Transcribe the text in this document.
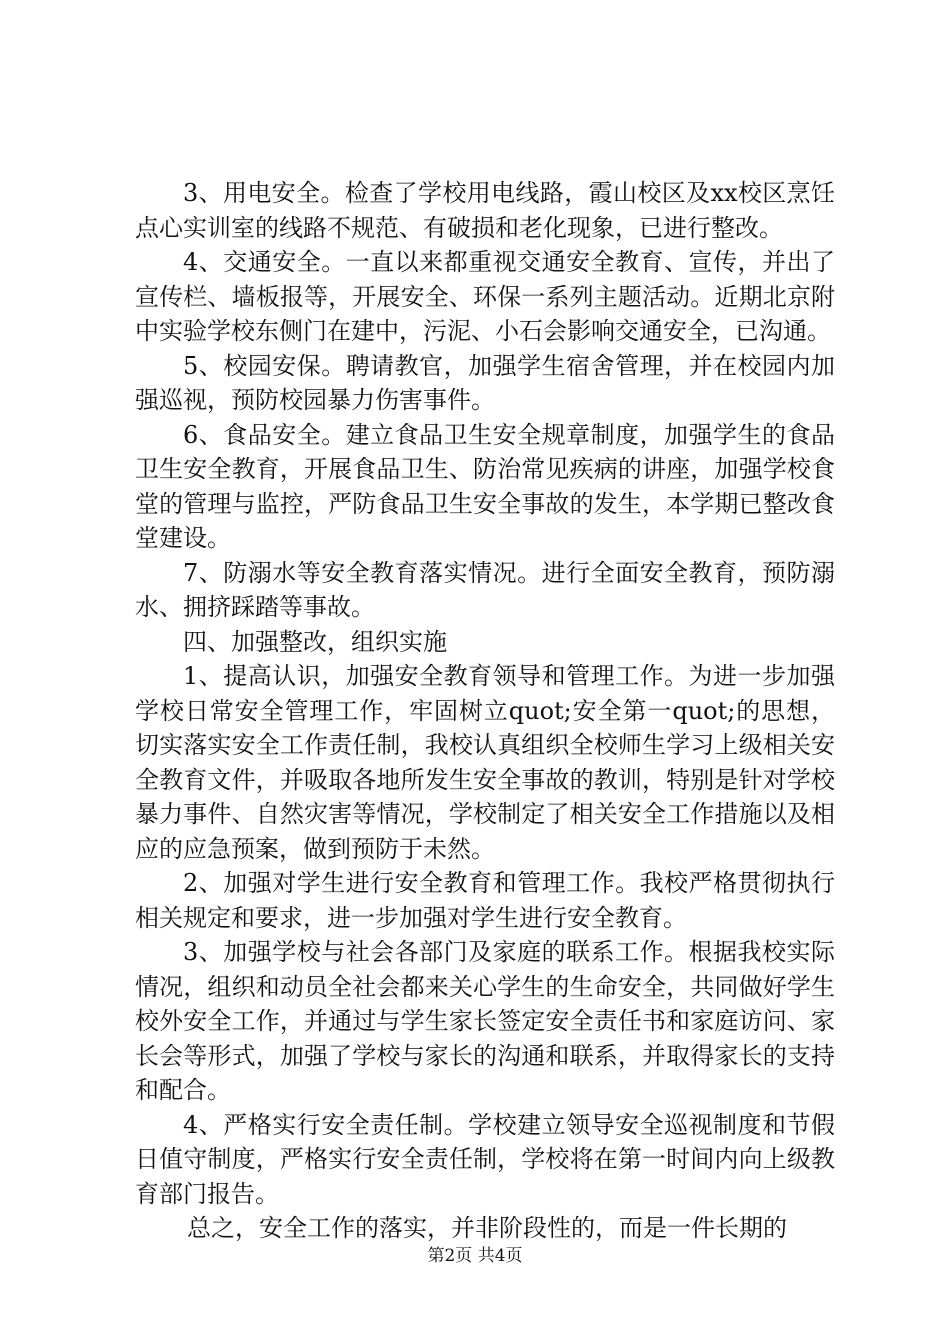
3、用电安全。检查了学校用电线路，霞山校区及xx校区烹饪点心实训室的线路不规范、有破损和老化现象，已进行整改。

4、交通安全。一直以来都重视交通安全教育、宣传，并出了宣传栏、墙板报等，开展安全、环保一系列主题活动。近期北京附中实验学校东侧门在建中，污泥、小石会影响交通安全，已沟通。

5、校园安保。聘请教官，加强学生宿舍管理，并在校园内加强巡视，预防校园暴力伤害事件。

6、食品安全。建立食品卫生安全规章制度，加强学生的食品卫生安全教育，开展食品卫生、防治常见疾病的讲座，加强学校食堂的管理与监控，严防食品卫生安全事故的发生，本学期已整改食堂建设。

7、防溺水等安全教育落实情况。进行全面安全教育，预防溺水、拥挤踩踏等事故。

四、加强整改，组织实施

1、提高认识，加强安全教育领导和管理工作。为进一步加强学校日常安全管理工作，牢固树立quot;安全第一quot;的思想，切实落实安全工作责任制，我校认真组织全校师生学习上级相关安全教育文件，并吸取各地所发生安全事故的教训，特别是针对学校暴力事件、自然灾害等情况，学校制定了相关安全工作措施以及相应的应急预案，做到预防于未然。

2、加强对学生进行安全教育和管理工作。我校严格贯彻执行相关规定和要求，进一步加强对学生进行安全教育。

3、加强学校与社会各部门及家庭的联系工作。根据我校实际情况，组织和动员全社会都来关心学生的生命安全，共同做好学生校外安全工作，并通过与学生家长签定安全责任书和家庭访问、家长会等形式，加强了学校与家长的沟通和联系，并取得家长的支持和配合。

4、严格实行安全责任制。学校建立领导安全巡视制度和节假日值守制度，严格实行安全责任制，学校将在第一时间内向上级教育部门报告。

总之，安全工作的落实，并非阶段性的，而是一件长期的

第2页 共4页
